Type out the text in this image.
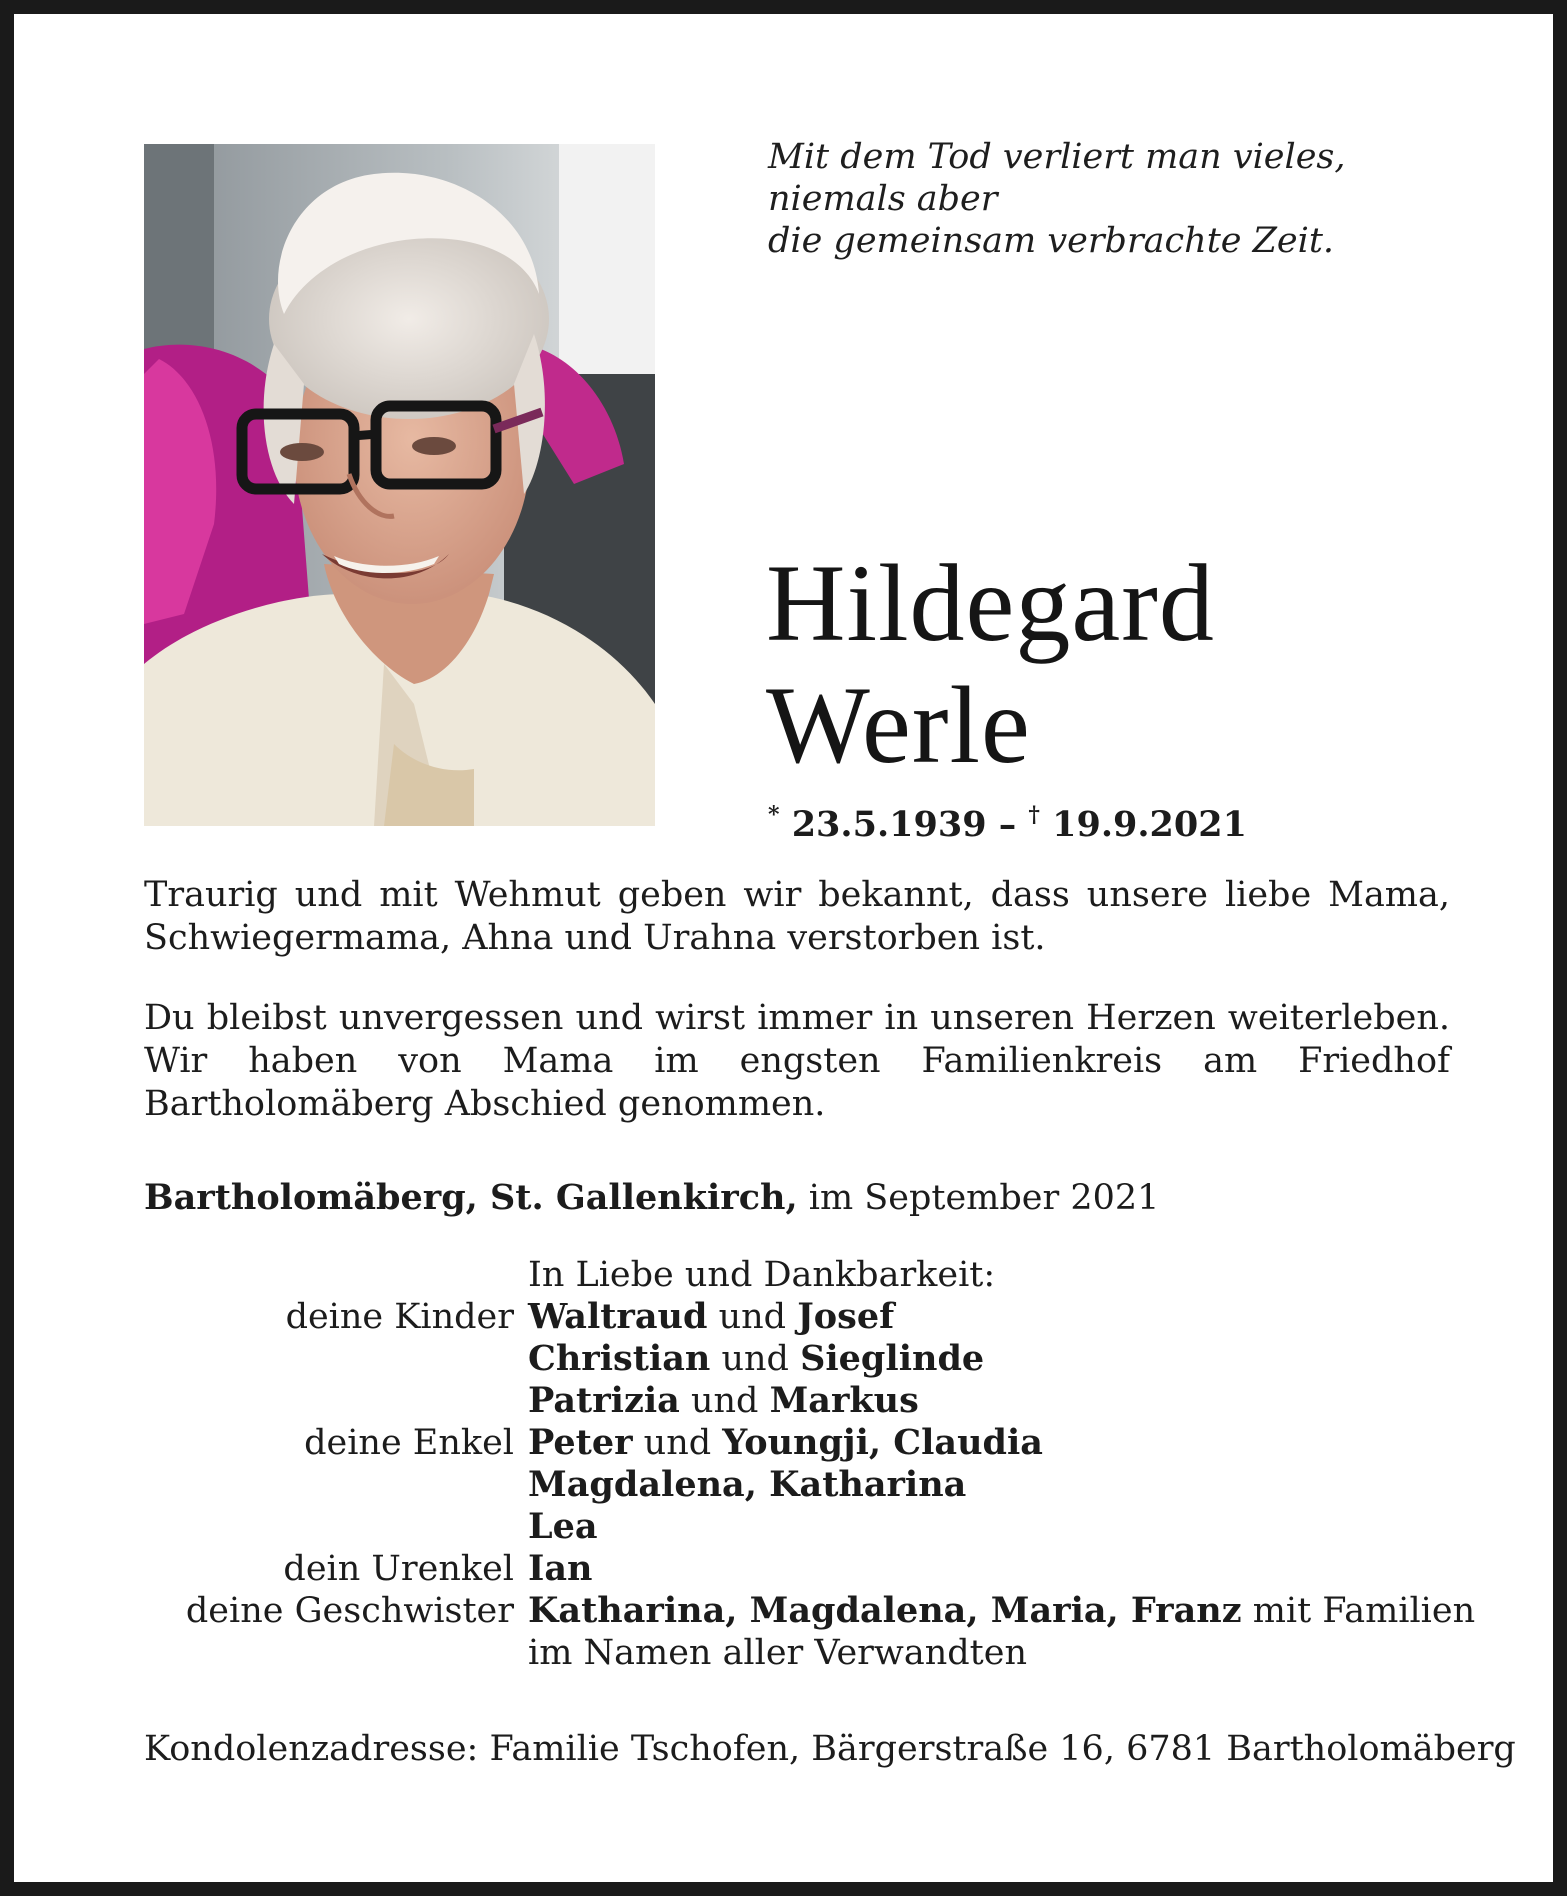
Mit dem Tod verliert man vieles,
niemals aber
die gemeinsam verbrachte Zeit.
Hildegard
Werle
* 23.5.1939 – † 19.9.2021

Traurig und mit Wehmut geben wir bekannt, dass unsere liebe Mama, Schwiegermama, Ahna und Urahna verstorben ist.

Du bleibst unvergessen und wirst immer in unseren Herzen weiterleben. Wir haben von Mama im engsten Familienkreis am Friedhof Bartholomäberg Abschied genommen.

Bartholomäberg, St. Gallenkirch, im September 2021
In Liebe und Dankbarkeit:
deine Kinder Waltraud und Josef
Christian und Sieglinde
Patrizia und Markus
deine Enkel Peter und Youngji, Claudia
Magdalena, Katharina
Lea
dein Urenkel Ian
deine Geschwister Katharina, Magdalena, Maria, Franz mit Familien
im Namen aller Verwandten
Kondolenzadresse: Familie Tschofen, Bärgerstraße 16, 6781 Bartholomäberg
